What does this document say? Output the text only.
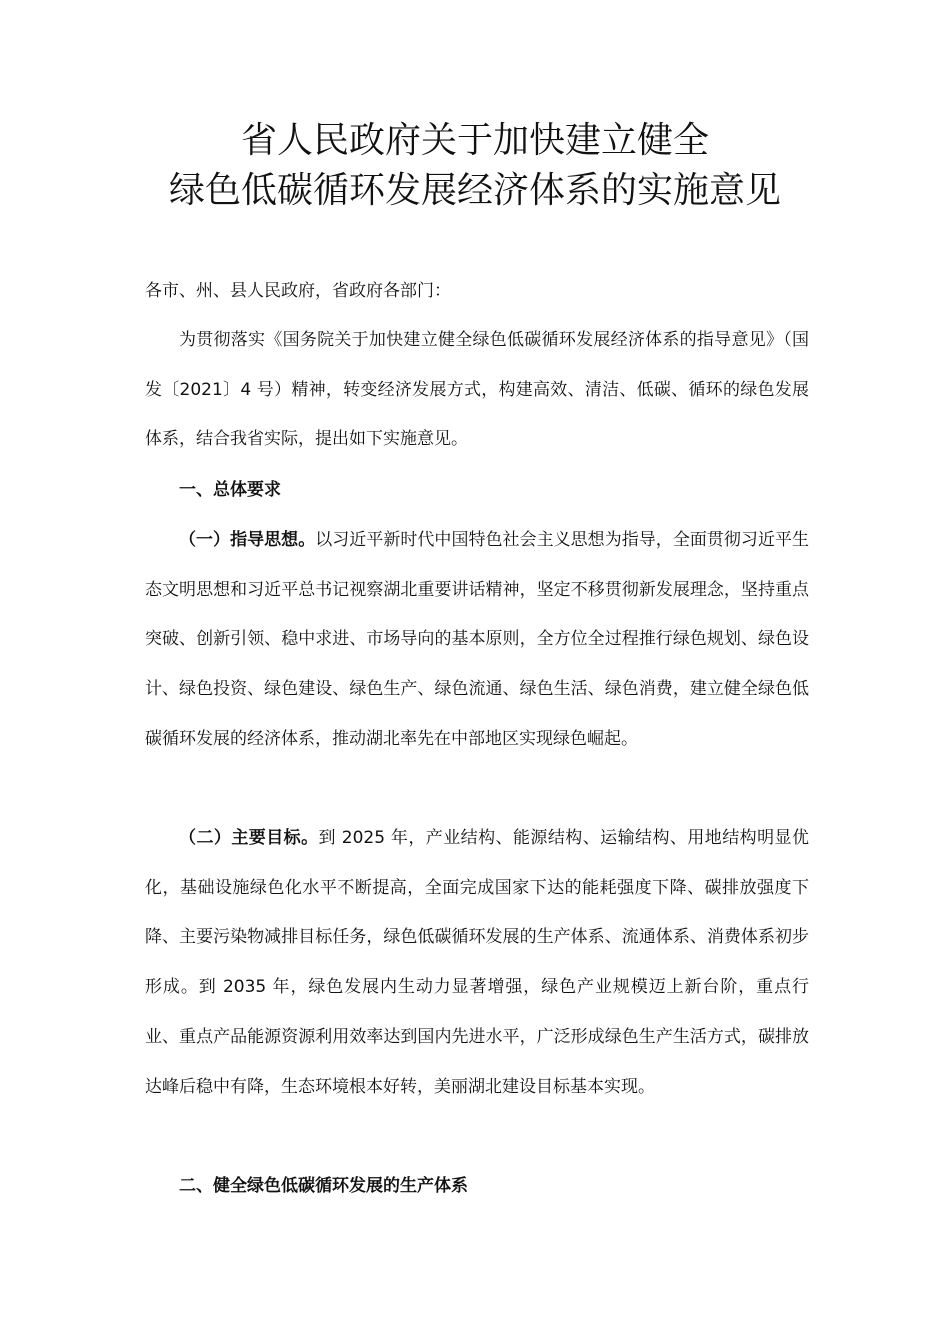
省人民政府关于加快建立健全
绿色低碳循环发展经济体系的实施意见
各市、州、县人民政府，省政府各部门：
为贯彻落实《国务院关于加快建立健全绿色低碳循环发展经济体系的指导意见》（国发〔2021〕4 号）精神，转变经济发展方式，构建高效、清洁、低碳、循环的绿色发展体系，结合我省实际，提出如下实施意见。
一、总体要求
（一）指导思想。以习近平新时代中国特色社会主义思想为指导，全面贯彻习近平生态文明思想和习近平总书记视察湖北重要讲话精神，坚定不移贯彻新发展理念，坚持重点突破、创新引领、稳中求进、市场导向的基本原则，全方位全过程推行绿色规划、绿色设计、绿色投资、绿色建设、绿色生产、绿色流通、绿色生活、绿色消费，建立健全绿色低碳循环发展的经济体系，推动湖北率先在中部地区实现绿色崛起。
（二）主要目标。到 2025 年，产业结构、能源结构、运输结构、用地结构明显优化，基础设施绿色化水平不断提高，全面完成国家下达的能耗强度下降、碳排放强度下降、主要污染物减排目标任务，绿色低碳循环发展的生产体系、流通体系、消费体系初步形成。到 2035 年，绿色发展内生动力显著增强，绿色产业规模迈上新台阶，重点行业、重点产品能源资源利用效率达到国内先进水平，广泛形成绿色生产生活方式，碳排放达峰后稳中有降，生态环境根本好转，美丽湖北建设目标基本实现。
二、健全绿色低碳循环发展的生产体系
